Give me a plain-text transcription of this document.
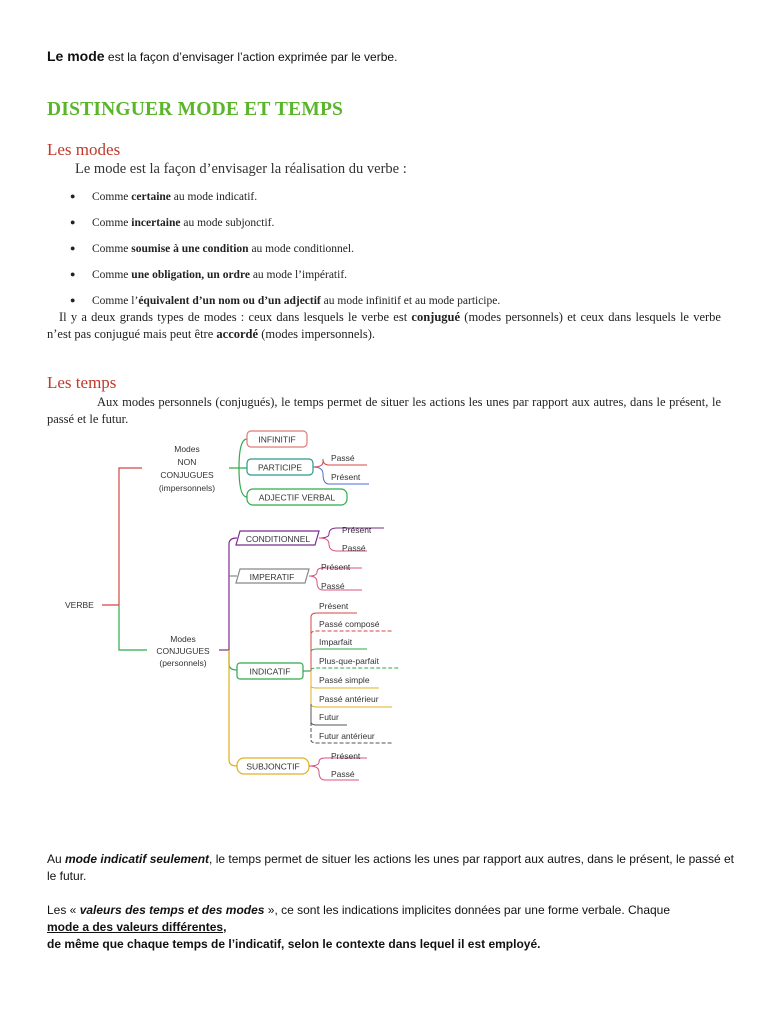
Le mode est la façon d’envisager l’action exprimée par le verbe.
DISTINGUER MODE ET TEMPS
Les modes
Le mode est la façon d’envisager la réalisation du verbe :
● Comme certaine au mode indicatif.
● Comme incertaine au mode subjonctif.
● Comme soumise à une condition au mode conditionnel.
● Comme une obligation, un ordre au mode l’impératif.
● Comme l’équivalent d’un nom ou d’un adjectif au mode infinitif et au mode participe.
Il y a deux grands types de modes : ceux dans lesquels le verbe est conjugué (modes personnels) et ceux dans lesquels le verbe n’est pas conjugué mais peut être accordé (modes impersonnels).
Les temps
Aux modes personnels (conjugués), le temps permet de situer les actions les unes par rapport aux autres, dans le présent, le passé et le futur.
VERBE
Modes
NON
CONJUGUES
(impersonnels)
INFINITIF
PARTICIPE
Passé
Présent
ADJECTIF VERBAL
Modes
CONJUGUES
(personnels)
CONDITIONNEL
Présent
Passé
IMPERATIF
Présent
Passé
INDICATIF
Présent
Passé composé
Imparfait
Plus-que-parfait
Passé simple
Passé antérieur
Futur
Futur antérieur
SUBJONCTIF
Présent
Passé
Au mode indicatif seulement, le temps permet de situer les actions les unes par rapport aux autres, dans le présent, le passé et le futur.
Les « valeurs des temps et des modes », ce sont les indications implicites données par une forme verbale. Chaque
mode a des valeurs différentes,
de même que chaque temps de l’indicatif, selon le contexte dans lequel il est employé.
